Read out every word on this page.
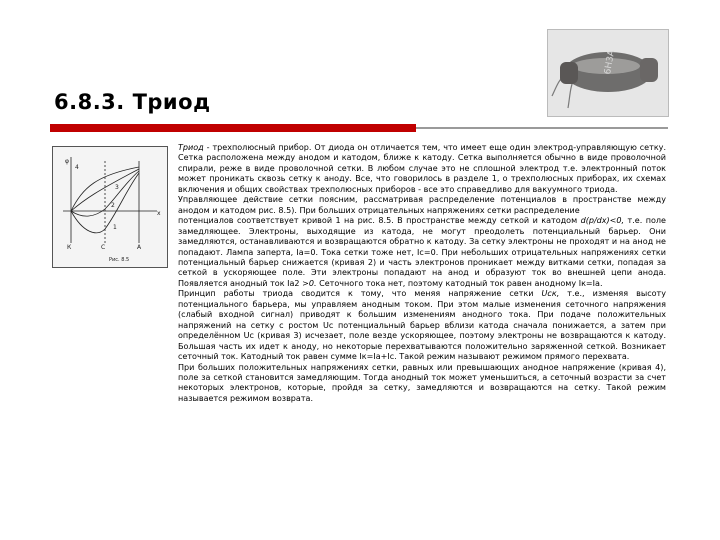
6Н3А
6.8.3. Триод
φ
x
4
3
2
1
К	С	А
Рис. 8.5

Триод - трехполюсный прибор. От диода он отличается тем, что имеет еще один электрод-управляющую сетку. Сетка расположена между анодом и катодом, ближе к катоду. Сетка выполняется обычно в виде проволочной спирали, реже в виде проволочной сетки. В любом случае это не сплошной электрод т.е. электронный поток может проникать сквозь сетку к аноду. Все, что говорилось в разделе 1, о трехполюсных приборах, их схемах включения и общих свойствах трехполюсных приборов - все это справедливо для вакуумного триода.

Управляющее действие сетки поясним, рассматривая распределение потенциалов в пространстве между анодом и катодом рис. 8.5). При больших отрицательных напряжениях сетки распределение

потенциалов соответствует кривой 1 на рис. 8.5. В пространстве между сеткой и катодом d(p/dx)<0, т.е. поле замедляющее. Электроны, выходящие из катода, не могут преодолеть потенциальный барьер. Они замедляются, останавливаются и возвращаются обратно к катоду. За сетку электроны не проходят и на анод не попадают. Лампа заперта, Iа=0. Тока сетки тоже нет, Iс=0. При небольших отрицательных напряжениях сетки потенциальный барьер снижается (кривая 2) и часть электронов проникает между витками сетки, попадая за сеткой в ускоряющее поле. Эти электроны попадают на анод и образуют ток во внешней цепи анода. Появляется анодный ток Iа2 >0. Сеточного тока нет, поэтому катодный ток равен анодному Iк=Iа.

Принцип работы триода сводится к тому, что меняя напряжение сетки Uск, т.е., изменяя высоту потенциального барьера, мы управляем анодным током. При этом малые изменения сеточного напряжения (слабый входной сигнал) приводят к большим изменениям анодного тока. При подаче положительных напряжений на сетку с ростом Uс потенциальный барьер вблизи катода сначала понижается, а затем при определённом Uс (кривая 3) исчезает, поле везде ускоряющее, поэтому электроны не возвращаются к катоду. Большая часть их идет к аноду, но некоторые перехватываются положительно заряженной сеткой. Возникает сеточный ток. Катодный ток равен сумме Iк=Iа+Iс. Такой режим называют режимом прямого перехвата.

При больших положительных напряжениях сетки, равных или превышающих анодное напряжение (кривая 4), поле за сеткой становится замедляющим. Тогда анодный ток может уменьшиться, а сеточный возрасти за счет некоторых электронов, которые, пройдя за сетку, замедляются и возвращаются на сетку. Такой режим называется режимом возврата.
